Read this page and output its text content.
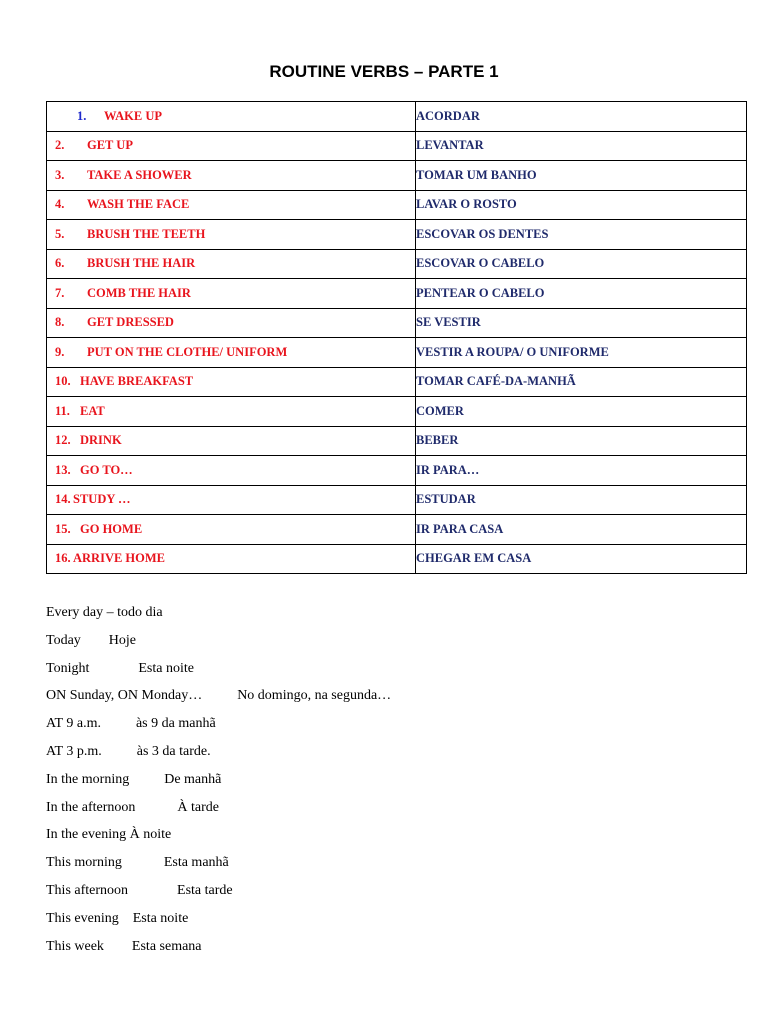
ROUTINE VERBS – PARTE 1
1. WAKE UP	ACORDAR
2. GET UP	LEVANTAR
3. TAKE A SHOWER	TOMAR UM BANHO
4. WASH THE FACE	LAVAR O ROSTO
5. BRUSH THE TEETH	ESCOVAR OS DENTES
6. BRUSH THE HAIR	ESCOVAR O CABELO
7. COMB THE HAIR	PENTEAR O CABELO
8. GET DRESSED	SE VESTIR
9. PUT ON THE CLOTHE/ UNIFORM	VESTIR A ROUPA/ O UNIFORME
10. HAVE BREAKFAST	TOMAR CAFÉ-DA-MANHÃ
11. EAT	COMER
12. DRINK	BEBER
13. GO TO…	IR PARA…
14. STUDY …	ESTUDAR
15. GO HOME	IR PARA CASA
16. ARRIVE HOME	CHEGAR EM CASA
Every day – todo dia
Today        Hoje
Tonight              Esta noite
ON Sunday, ON Monday…          No domingo, na segunda…
AT 9 a.m.          às 9 da manhã
AT 3 p.m.          às 3 da tarde.
In the morning          De manhã
In the afternoon            À tarde
In the evening À noite
This morning            Esta manhã
This afternoon              Esta tarde
This evening    Esta noite
This week        Esta semana
